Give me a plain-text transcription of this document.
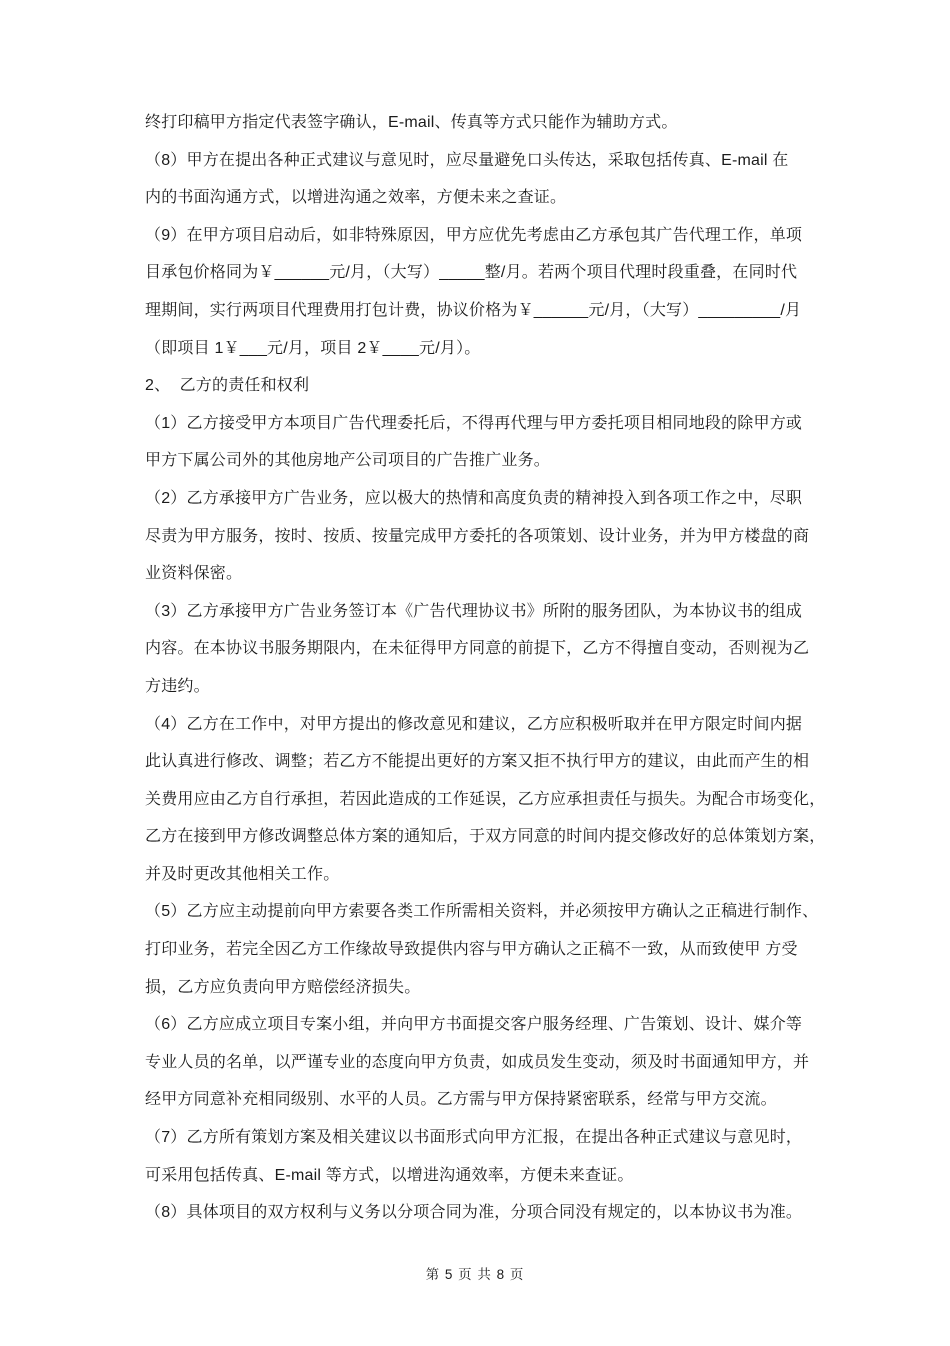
终打印稿甲方指定代表签字确认，E-mail、传真等方式只能作为辅助方式。
（8）甲方在提出各种正式建议与意见时，应尽量避免口头传达，采取包括传真、E-mail 在
内的书面沟通方式，以增进沟通之效率，方便未来之查证。
（9）在甲方项目启动后，如非特殊原因，甲方应优先考虑由乙方承包其广告代理工作，单项
目承包价格同为￥______元/月，（大写）_____整/月。若两个项目代理时段重叠，在同时代
理期间，实行两项目代理费用打包计费，协议价格为￥______元/月，（大写）_________/月
（即项目 1￥___元/月，项目 2￥____元/月）。
2、  乙方的责任和权利
（1）乙方接受甲方本项目广告代理委托后，不得再代理与甲方委托项目相同地段的除甲方或
甲方下属公司外的其他房地产公司项目的广告推广业务。
（2）乙方承接甲方广告业务，应以极大的热情和高度负责的精神投入到各项工作之中，尽职
尽责为甲方服务，按时、按质、按量完成甲方委托的各项策划、设计业务，并为甲方楼盘的商
业资料保密。
（3）乙方承接甲方广告业务签订本《广告代理协议书》所附的服务团队，为本协议书的组成
内容。在本协议书服务期限内，在未征得甲方同意的前提下，乙方不得擅自变动，否则视为乙
方违约。
（4）乙方在工作中，对甲方提出的修改意见和建议，乙方应积极听取并在甲方限定时间内据
此认真进行修改、调整；若乙方不能提出更好的方案又拒不执行甲方的建议，由此而产生的相
关费用应由乙方自行承担，若因此造成的工作延误，乙方应承担责任与损失。为配合市场变化，
乙方在接到甲方修改调整总体方案的通知后，于双方同意的时间内提交修改好的总体策划方案，
并及时更改其他相关工作。
（5）乙方应主动提前向甲方索要各类工作所需相关资料，并必须按甲方确认之正稿进行制作、
打印业务，若完全因乙方工作缘故导致提供内容与甲方确认之正稿不一致，从而致使甲 方受
损，乙方应负责向甲方赔偿经济损失。
（6）乙方应成立项目专案小组，并向甲方书面提交客户服务经理、广告策划、设计、媒介等
专业人员的名单，以严谨专业的态度向甲方负责，如成员发生变动，须及时书面通知甲方，并
经甲方同意补充相同级别、水平的人员。乙方需与甲方保持紧密联系，经常与甲方交流。
（7）乙方所有策划方案及相关建议以书面形式向甲方汇报，在提出各种正式建议与意见时，
可采用包括传真、E-mail 等方式，以增进沟通效率，方便未来查证。
（8）具体项目的双方权利与义务以分项合同为准，分项合同没有规定的，以本协议书为准。
第 5 页 共 8 页
